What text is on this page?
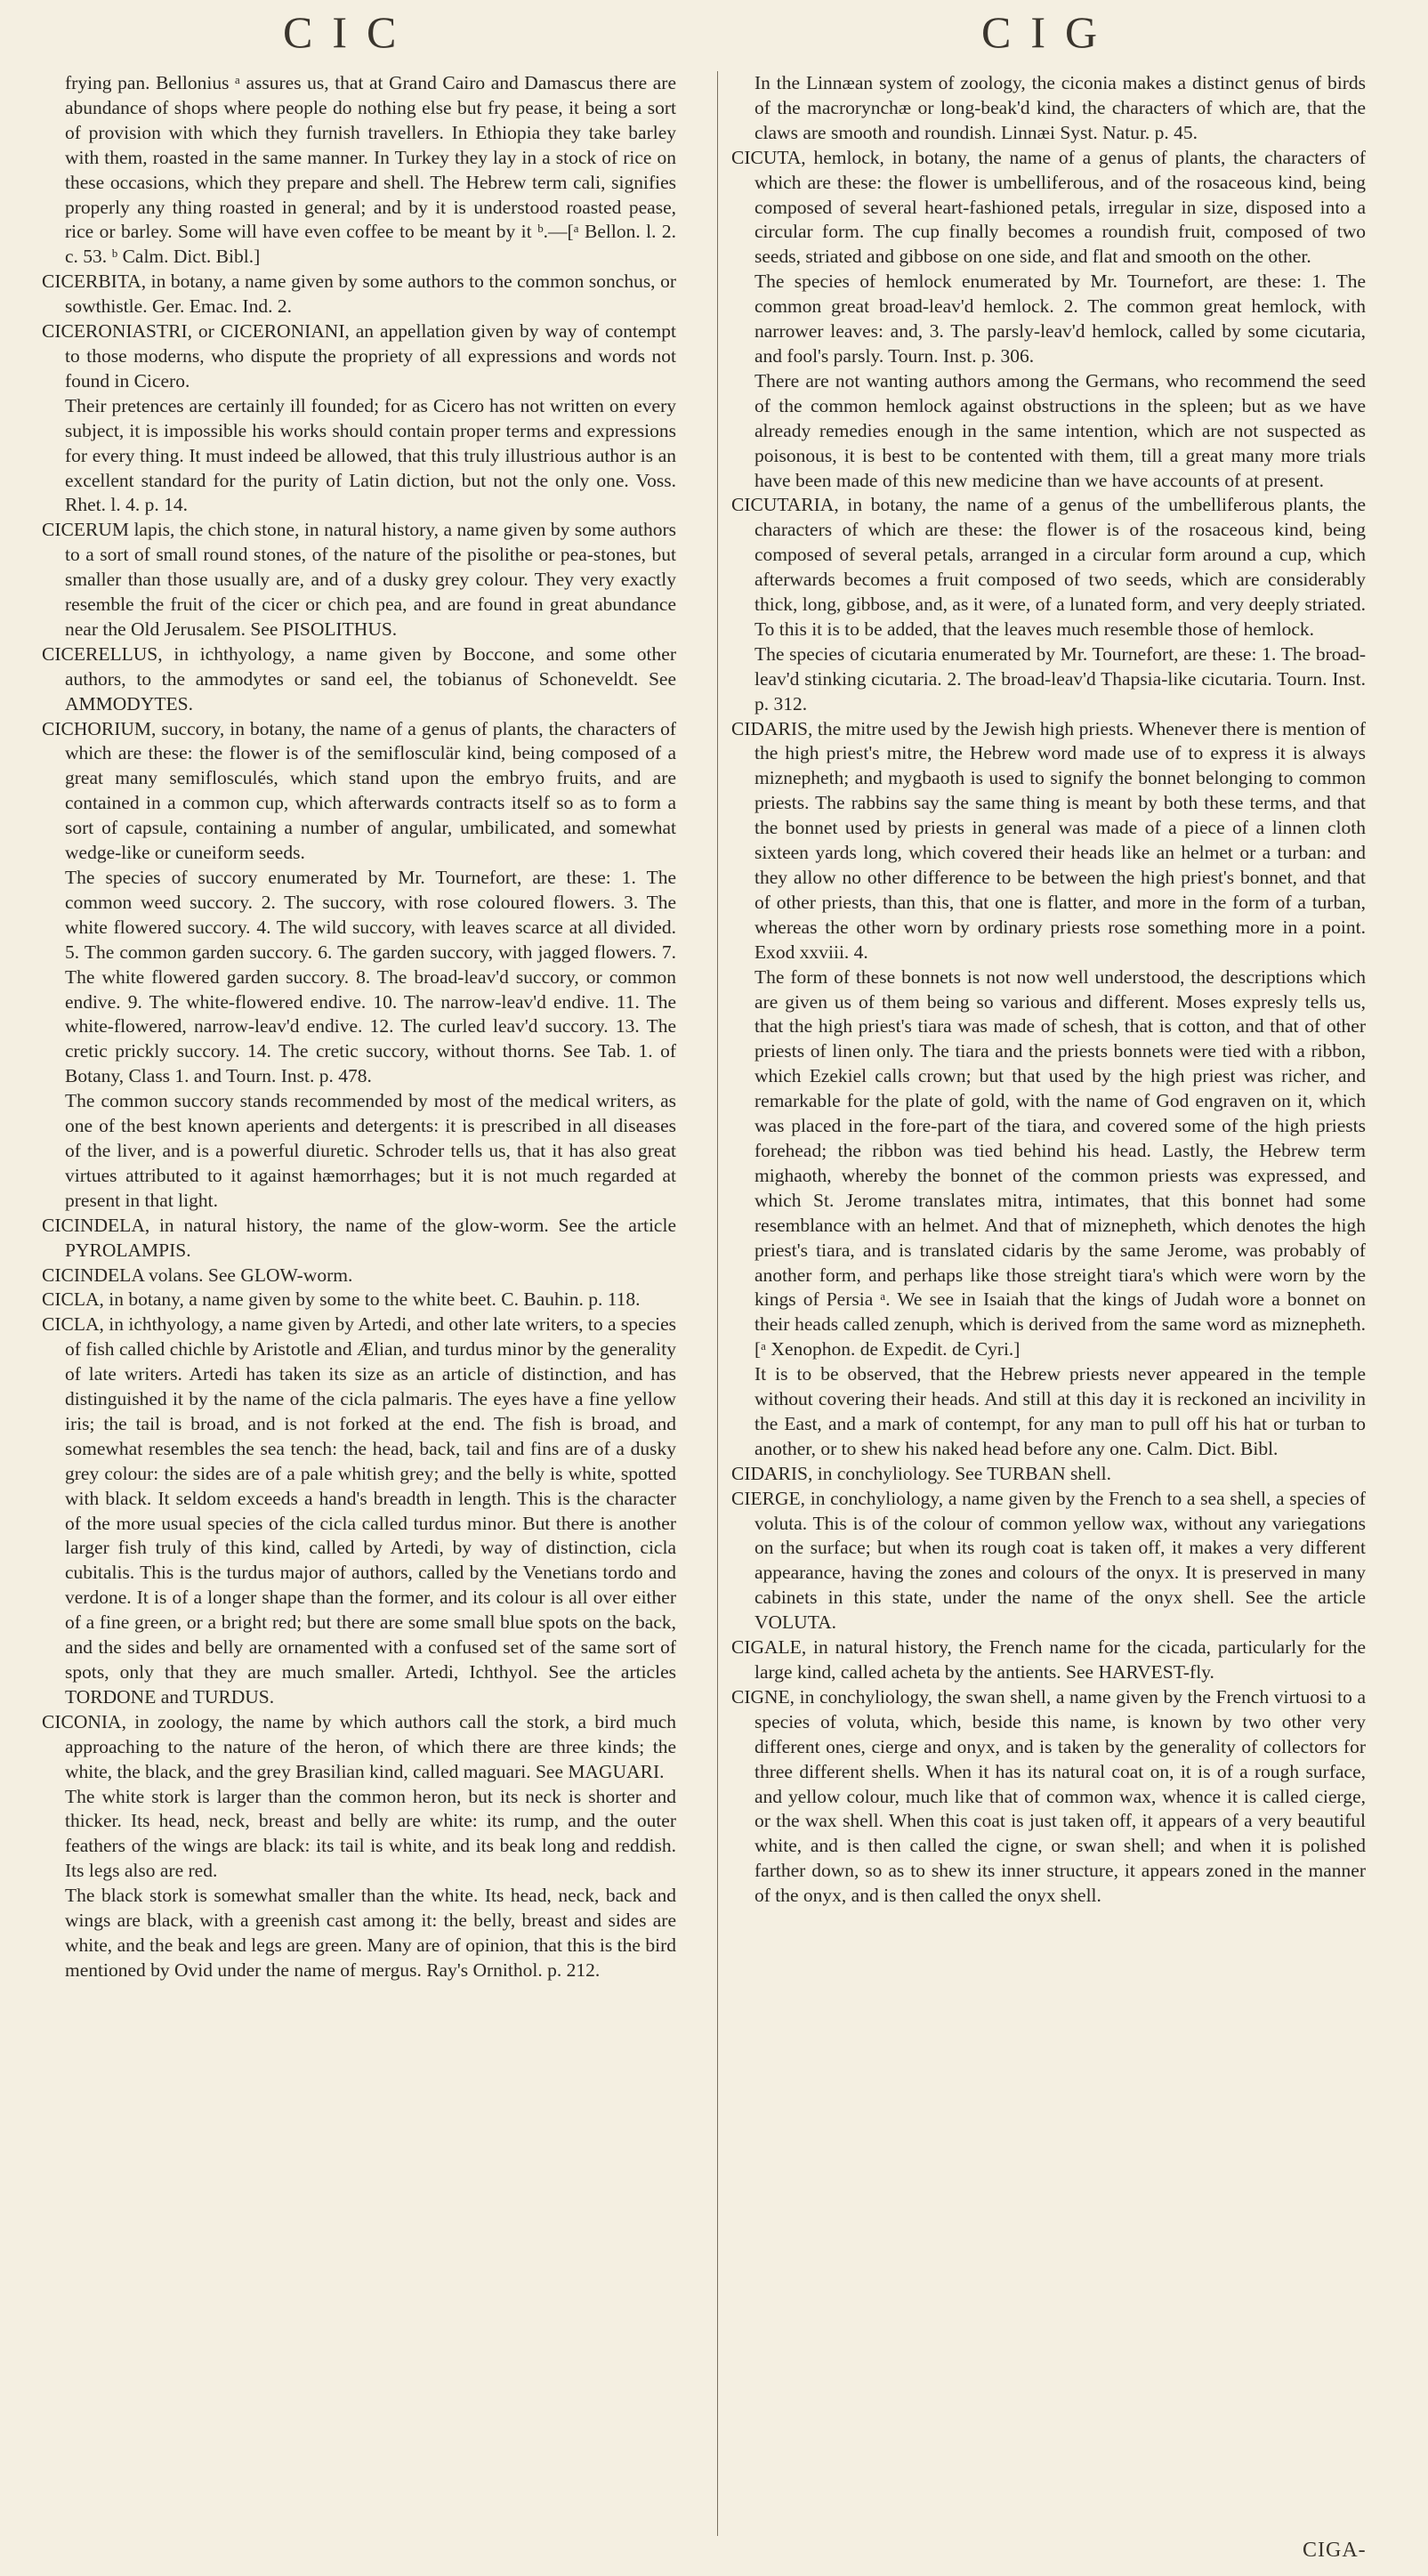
CIC	CIG

frying pan. Bellonius ᵃ assures us, that at Grand Cairo and Damascus there are abundance of shops where people do nothing else but fry pease, it being a sort of provision with which they furnish travellers. In Ethiopia they take barley with them, roasted in the same manner. In Turkey they lay in a stock of rice on these occasions, which they prepare and shell. The Hebrew term cali, signifies properly any thing roasted in general; and by it is understood roasted pease, rice or barley. Some will have even coffee to be meant by it ᵇ.—[ᵃ Bellon. l. 2. c. 53. ᵇ Calm. Dict. Bibl.]

CICERBITA, in botany, a name given by some authors to the common sonchus, or sowthistle. Ger. Emac. Ind. 2.

CICERONIASTRI, or CICERONIANI, an appellation given by way of contempt to those moderns, who dispute the propriety of all expressions and words not found in Cicero.

Their pretences are certainly ill founded; for as Cicero has not written on every subject, it is impossible his works should contain proper terms and expressions for every thing. It must indeed be allowed, that this truly illustrious author is an excellent standard for the purity of Latin diction, but not the only one. Voss. Rhet. l. 4. p. 14.

CICERUM lapis, the chich stone, in natural history, a name given by some authors to a sort of small round stones, of the nature of the pisolithe or pea-stones, but smaller than those usually are, and of a dusky grey colour. They very exactly resemble the fruit of the cicer or chich pea, and are found in great abundance near the Old Jerusalem. See PISOLITHUS.

CICERELLUS, in ichthyology, a name given by Boccone, and some other authors, to the ammodytes or sand eel, the tobianus of Schoneveldt. See AMMODYTES.

CICHORIUM, succory, in botany, the name of a genus of plants, the characters of which are these: the flower is of the semiflosculär kind, being composed of a great many semiflosculés, which stand upon the embryo fruits, and are contained in a common cup, which afterwards contracts itself so as to form a sort of capsule, containing a number of angular, umbilicated, and somewhat wedge-like or cuneiform seeds.

The species of succory enumerated by Mr. Tournefort, are these: 1. The common weed succory. 2. The succory, with rose coloured flowers. 3. The white flowered succory. 4. The wild succory, with leaves scarce at all divided. 5. The common garden succory. 6. The garden succory, with jagged flowers. 7. The white flowered garden succory. 8. The broad-leav'd succory, or common endive. 9. The white-flowered endive. 10. The narrow-leav'd endive. 11. The white-flowered, narrow-leav'd endive. 12. The curled leav'd succory. 13. The cretic prickly succory. 14. The cretic succory, without thorns. See Tab. 1. of Botany, Class 1. and Tourn. Inst. p. 478.

The common succory stands recommended by most of the medical writers, as one of the best known aperients and detergents: it is prescribed in all diseases of the liver, and is a powerful diuretic. Schroder tells us, that it has also great virtues attributed to it against hæmorrhages; but it is not much regarded at present in that light.

CICINDELA, in natural history, the name of the glow-worm. See the article PYROLAMPIS.

CICINDELA volans. See GLOW-worm.

CICLA, in botany, a name given by some to the white beet. C. Bauhin. p. 118.

CICLA, in ichthyology, a name given by Artedi, and other late writers, to a species of fish called chichle by Aristotle and Ælian, and turdus minor by the generality of late writers. Artedi has taken its size as an article of distinction, and has distinguished it by the name of the cicla palmaris. The eyes have a fine yellow iris; the tail is broad, and is not forked at the end. The fish is broad, and somewhat resembles the sea tench: the head, back, tail and fins are of a dusky grey colour: the sides are of a pale whitish grey; and the belly is white, spotted with black. It seldom exceeds a hand's breadth in length. This is the character of the more usual species of the cicla called turdus minor. But there is another larger fish truly of this kind, called by Artedi, by way of distinction, cicla cubitalis. This is the turdus major of authors, called by the Venetians tordo and verdone. It is of a longer shape than the former, and its colour is all over either of a fine green, or a bright red; but there are some small blue spots on the back, and the sides and belly are ornamented with a confused set of the same sort of spots, only that they are much smaller. Artedi, Ichthyol. See the articles TORDONE and TURDUS.

CICONIA, in zoology, the name by which authors call the stork, a bird much approaching to the nature of the heron, of which there are three kinds; the white, the black, and the grey Brasilian kind, called maguari. See MAGUARI.

The white stork is larger than the common heron, but its neck is shorter and thicker. Its head, neck, breast and belly are white: its rump, and the outer feathers of the wings are black: its tail is white, and its beak long and reddish. Its legs also are red.

The black stork is somewhat smaller than the white. Its head, neck, back and wings are black, with a greenish cast among it: the belly, breast and sides are white, and the beak and legs are green. Many are of opinion, that this is the bird mentioned by Ovid under the name of mergus. Ray's Ornithol. p. 212.

In the Linnæan system of zoology, the ciconia makes a distinct genus of birds of the macrorynchæ or long-beak'd kind, the characters of which are, that the claws are smooth and roundish. Linnæi Syst. Natur. p. 45.

CICUTA, hemlock, in botany, the name of a genus of plants, the characters of which are these: the flower is umbelliferous, and of the rosaceous kind, being composed of several heart-fashioned petals, irregular in size, disposed into a circular form. The cup finally becomes a roundish fruit, composed of two seeds, striated and gibbose on one side, and flat and smooth on the other.

The species of hemlock enumerated by Mr. Tournefort, are these: 1. The common great broad-leav'd hemlock. 2. The common great hemlock, with narrower leaves: and, 3. The parsly-leav'd hemlock, called by some cicutaria, and fool's parsly. Tourn. Inst. p. 306.

There are not wanting authors among the Germans, who recommend the seed of the common hemlock against obstructions in the spleen; but as we have already remedies enough in the same intention, which are not suspected as poisonous, it is best to be contented with them, till a great many more trials have been made of this new medicine than we have accounts of at present.

CICUTARIA, in botany, the name of a genus of the umbelliferous plants, the characters of which are these: the flower is of the rosaceous kind, being composed of several petals, arranged in a circular form around a cup, which afterwards becomes a fruit composed of two seeds, which are considerably thick, long, gibbose, and, as it were, of a lunated form, and very deeply striated. To this it is to be added, that the leaves much resemble those of hemlock.

The species of cicutaria enumerated by Mr. Tournefort, are these: 1. The broad-leav'd stinking cicutaria. 2. The broad-leav'd Thapsia-like cicutaria. Tourn. Inst. p. 312.

CIDARIS, the mitre used by the Jewish high priests. Whenever there is mention of the high priest's mitre, the Hebrew word made use of to express it is always miznepheth; and mygbaoth is used to signify the bonnet belonging to common priests. The rabbins say the same thing is meant by both these terms, and that the bonnet used by priests in general was made of a piece of a linnen cloth sixteen yards long, which covered their heads like an helmet or a turban: and they allow no other difference to be between the high priest's bonnet, and that of other priests, than this, that one is flatter, and more in the form of a turban, whereas the other worn by ordinary priests rose something more in a point. Exod xxviii. 4.

The form of these bonnets is not now well understood, the descriptions which are given us of them being so various and different. Moses expresly tells us, that the high priest's tiara was made of schesh, that is cotton, and that of other priests of linen only. The tiara and the priests bonnets were tied with a ribbon, which Ezekiel calls crown; but that used by the high priest was richer, and remarkable for the plate of gold, with the name of God engraven on it, which was placed in the fore-part of the tiara, and covered some of the high priests forehead; the ribbon was tied behind his head. Lastly, the Hebrew term mighaoth, whereby the bonnet of the common priests was expressed, and which St. Jerome translates mitra, intimates, that this bonnet had some resemblance with an helmet. And that of miznepheth, which denotes the high priest's tiara, and is translated cidaris by the same Jerome, was probably of another form, and perhaps like those streight tiara's which were worn by the kings of Persia ᵃ. We see in Isaiah that the kings of Judah wore a bonnet on their heads called zenuph, which is derived from the same word as miznepheth. [ᵃ Xenophon. de Expedit. de Cyri.]

It is to be observed, that the Hebrew priests never appeared in the temple without covering their heads. And still at this day it is reckoned an incivility in the East, and a mark of contempt, for any man to pull off his hat or turban to another, or to shew his naked head before any one. Calm. Dict. Bibl.

CIDARIS, in conchyliology. See TURBAN shell.

CIERGE, in conchyliology, a name given by the French to a sea shell, a species of voluta. This is of the colour of common yellow wax, without any variegations on the surface; but when its rough coat is taken off, it makes a very different appearance, having the zones and colours of the onyx. It is preserved in many cabinets in this state, under the name of the onyx shell. See the article VOLUTA.

CIGALE, in natural history, the French name for the cicada, particularly for the large kind, called acheta by the antients. See HARVEST-fly.

CIGNE, in conchyliology, the swan shell, a name given by the French virtuosi to a species of voluta, which, beside this name, is known by two other very different ones, cierge and onyx, and is taken by the generality of collectors for three different shells. When it has its natural coat on, it is of a rough surface, and yellow colour, much like that of common wax, whence it is called cierge, or the wax shell. When this coat is just taken off, it appears of a very beautiful white, and is then called the cigne, or swan shell; and when it is polished farther down, so as to shew its inner structure, it appears zoned in the manner of the onyx, and is then called the onyx shell.

CIGA-
